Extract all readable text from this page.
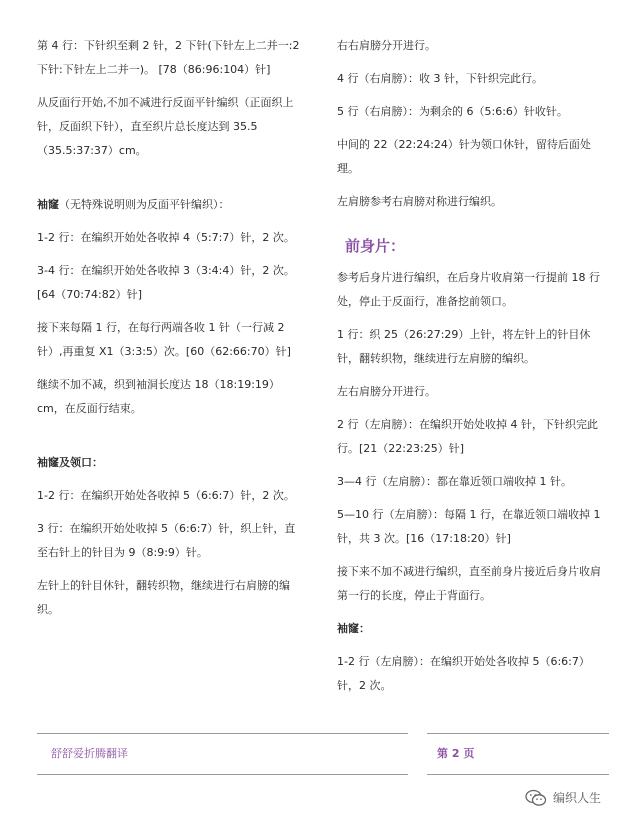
第 4 行：下针织至剩 2 针，2 下针(下针左上二并一:2 下针:下针左上二并一)。 [78（86:96:104）针]

从反面行开始,不加不减进行反面平针编织（正面织上针，反面织下针），直至织片总长度达到 35.5（35.5:37:37）cm。

袖窿（无特殊说明则为反面平针编织）：

1-2 行：在编织开始处各收掉 4（5:7:7）针，2 次。

3-4 行：在编织开始处各收掉 3（3:4:4）针，2 次。[64（70:74:82）针]

接下来每隔 1 行，在每行两端各收 1 针（一行减 2 针）,再重复 X1（3:3:5）次。[60（62:66:70）针]

继续不加不减，织到袖洞长度达 18（18:19:19）cm，在反面行结束。

袖窿及领口：

1-2 行：在编织开始处各收掉 5（6:6:7）针，2 次。

3 行：在编织开始处收掉 5（6:6:7）针，织上针，直至右针上的针目为 9（8:9:9）针。

左针上的针目休针，翻转织物，继续进行右肩膀的编织。

右右肩膀分开进行。

4 行（右肩膀）：收 3 针，下针织完此行。

5 行（右肩膀）：为剩余的 6（5:6:6）针收针。

中间的 22（22:24:24）针为领口休针，留待后面处理。

左肩膀参考右肩膀对称进行编织。

前身片：

参考后身片进行编织，在后身片收肩第一行提前 18 行处，停止于反面行，准备挖前领口。

1 行：织 25（26:27:29）上针，将左针上的针目休针，翻转织物，继续进行左肩膀的编织。

左右肩膀分开进行。

2 行（左肩膀）：在编织开始处收掉 4 针，下针织完此行。[21（22:23:25）针]

3—4 行（左肩膀）：都在靠近领口端收掉 1 针。

5—10 行（左肩膀）：每隔 1 行，在靠近领口端收掉 1 针，共 3 次。[16（17:18:20）针]

接下来不加不减进行编织，直至前身片接近后身片收肩第一行的长度，停止于背面行。

袖窿：

1-2 行（左肩膀）：在编织开始处各收掉 5（6:6:7）针，2 次。

舒舒爱折腾翻译	第 2 页
编织人生
